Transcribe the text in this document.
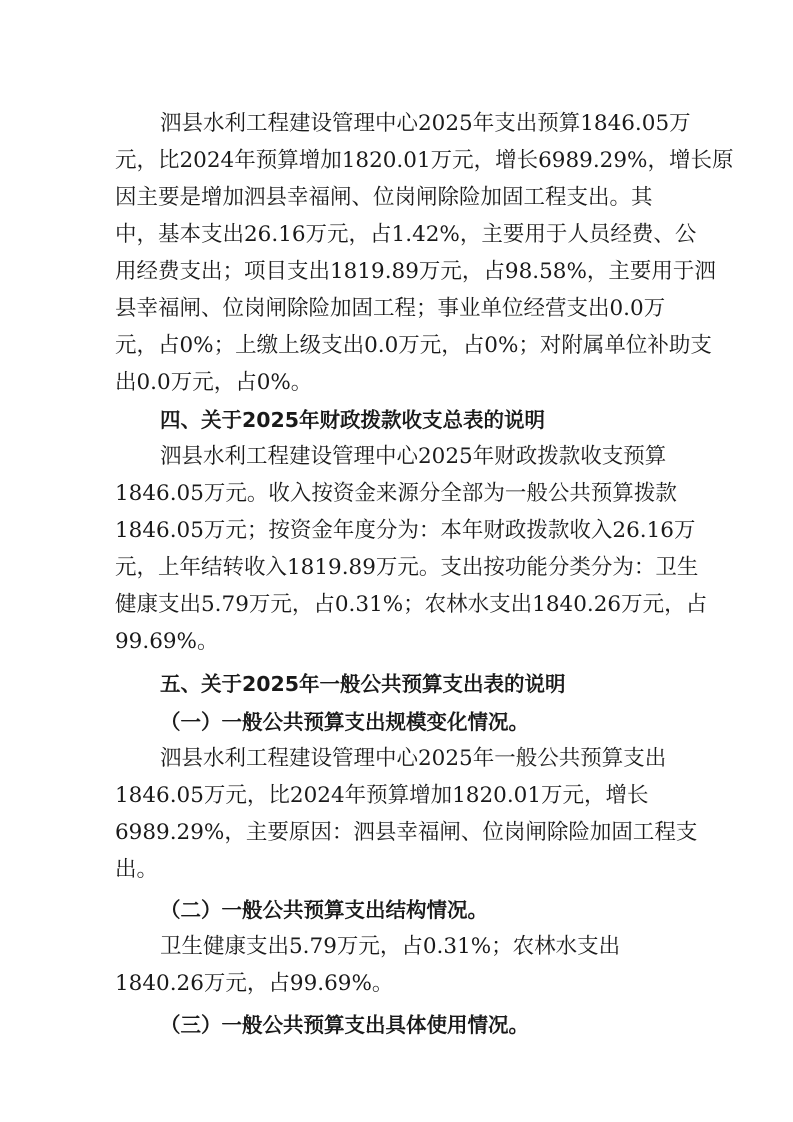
泗县水利工程建设管理中心2025年支出预算1846.05万
元，比2024年预算增加1820.01万元，增长6989.29%，增长原
因主要是增加泗县幸福闸、位岗闸除险加固工程支出。其
中，基本支出26.16万元，占1.42%，主要用于人员经费、公
用经费支出；项目支出1819.89万元，占98.58%，主要用于泗
县幸福闸、位岗闸除险加固工程；事业单位经营支出0.0万
元，占0%；上缴上级支出0.0万元，占0%；对附属单位补助支
出0.0万元，占0%。
四、关于2025年财政拨款收支总表的说明
泗县水利工程建设管理中心2025年财政拨款收支预算
1846.05万元。收入按资金来源分全部为一般公共预算拨款
1846.05万元；按资金年度分为：本年财政拨款收入26.16万
元，上年结转收入1819.89万元。支出按功能分类分为：卫生
健康支出5.79万元，占0.31%；农林水支出1840.26万元，占
99.69%。
五、关于2025年一般公共预算支出表的说明
（一）一般公共预算支出规模变化情况。
泗县水利工程建设管理中心2025年一般公共预算支出
1846.05万元，比2024年预算增加1820.01万元，增长
6989.29%，主要原因：泗县幸福闸、位岗闸除险加固工程支
出。
（二）一般公共预算支出结构情况。
卫生健康支出5.79万元，占0.31%；农林水支出
1840.26万元，占99.69%。
（三）一般公共预算支出具体使用情况。
